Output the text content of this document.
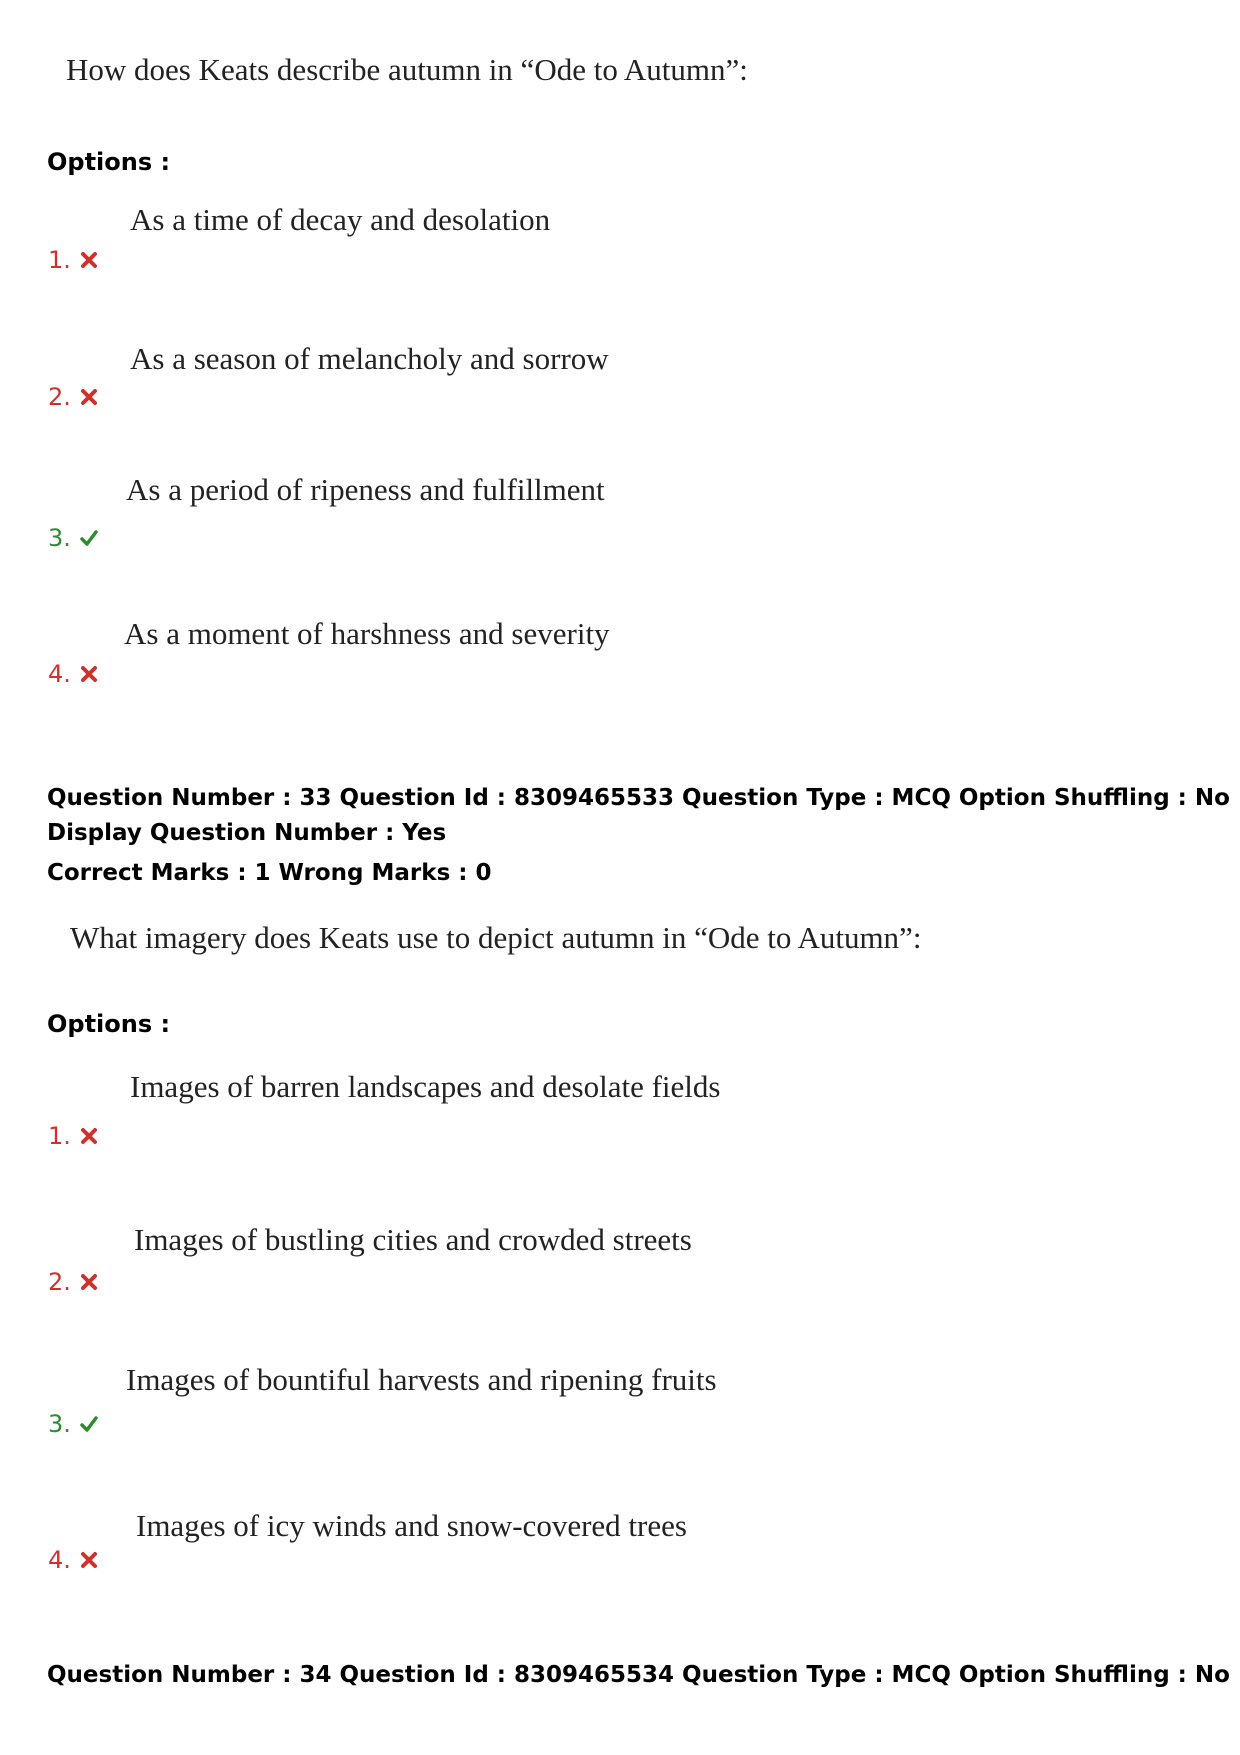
How does Keats describe autumn in “Ode to Autumn”:
Options :
As a time of decay and desolation
1.
As a season of melancholy and sorrow
2.
As a period of ripeness and fulfillment
3.
As a moment of harshness and severity
4.
Question Number : 33 Question Id : 8309465533 Question Type : MCQ Option Shuffling : No
Display Question Number : Yes
Correct Marks : 1 Wrong Marks : 0
What imagery does Keats use to depict autumn in “Ode to Autumn”:
Options :
Images of barren landscapes and desolate fields
1.
Images of bustling cities and crowded streets
2.
Images of bountiful harvests and ripening fruits
3.
Images of icy winds and snow-covered trees
4.
Question Number : 34 Question Id : 8309465534 Question Type : MCQ Option Shuffling : No
